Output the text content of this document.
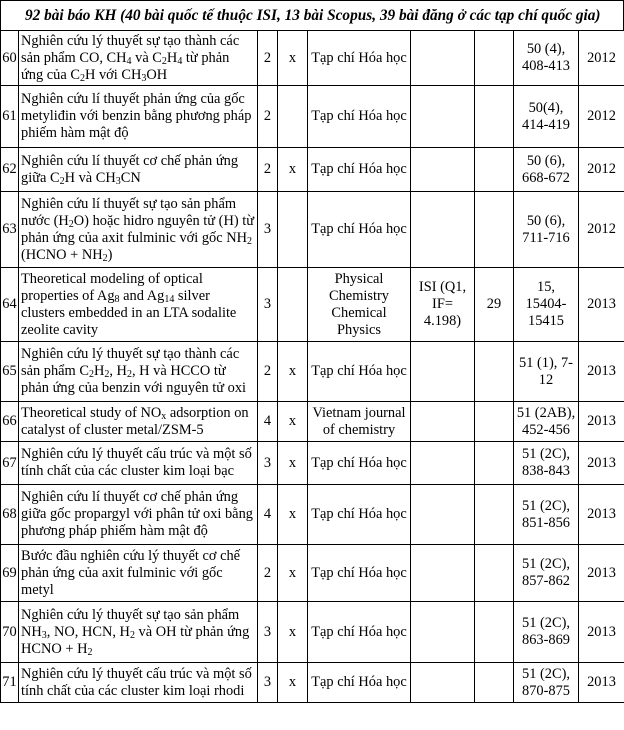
92 bài báo KH (40 bài quốc tế thuộc ISI, 13 bài Scopus, 39 bài đăng ở các tạp chí quốc gia)
60	Nghiên cứu lý thuyết sự tạo thành các sản phẩm CO, $CH_4$ và $C_2H_4$ từ phản ứng của $C_2H$ với $CH_3OH$	2	x	Tạp chí Hóa học			50 (4), 408-413	2012
61	Nghiên cứu lí thuyết phản ứng của gốc metyliđin với benzin bằng phương pháp phiếm hàm mật độ	2		Tạp chí Hóa học			50(4), 414-419	2012
62	Nghiên cứu lí thuyết cơ chế phản ứng giữa $C_2H$ và $CH_3CN$	2	x	Tạp chí Hóa học			50 (6), 668-672	2012
63	Nghiên cứu lí thuyết sự tạo sản phẩm nước $(H_2O)$ hoặc hidro nguyên tử (H) từ phản ứng của axit fulminic với gốc $NH_2$ (HCNO + $NH_2$)	3		Tạp chí Hóa học			50 (6), 711-716	2012
64	Theoretical modeling of optical properties of $Ag_8$ and $Ag_{14}$ silver clusters embedded in an LTA sodalite zeolite cavity	3		Physical Chemistry Chemical Physics	ISI (Q1, IF= 4.198)	29	15, 15404-15415	2013
65	Nghiên cứu lý thuyết sự tạo thành các sản phẩm $C_2H_2$, $H_2$, H và HCCO từ phản ứng của benzin với nguyên tử oxi	2	x	Tạp chí Hóa học			51 (1), 7-12	2013
66	Theoretical study of $NO_x$ adsorption on catalyst of cluster metal/ZSM-5	4	x	Vietnam journal of chemistry			51 (2AB), 452-456	2013
67	Nghiên cứu lý thuyết cấu trúc và một số tính chất của các cluster kim loại bạc	3	x	Tạp chí Hóa học			51 (2C), 838-843	2013
68	Nghiên cứu lí thuyết cơ chế phản ứng giữa gốc propargyl với phân tử oxi bằng phương pháp phiếm hàm mật độ	4	x	Tạp chí Hóa học			51 (2C), 851-856	2013
69	Bước đầu nghiên cứu lý thuyết cơ chế phản ứng của axit fulminic với gốc metyl	2	x	Tạp chí Hóa học			51 (2C), 857-862	2013
70	Nghiên cứu lý thuyết sự tạo sản phẩm $NH_3$, NO, HCN, $H_2$ và OH từ phản ứng HCNO + $H_2$	3	x	Tạp chí Hóa học			51 (2C), 863-869	2013
71	Nghiên cứu lý thuyết cấu trúc và một số tính chất của các cluster kim loại rhodi	3	x	Tạp chí Hóa học			51 (2C), 870-875	2013
